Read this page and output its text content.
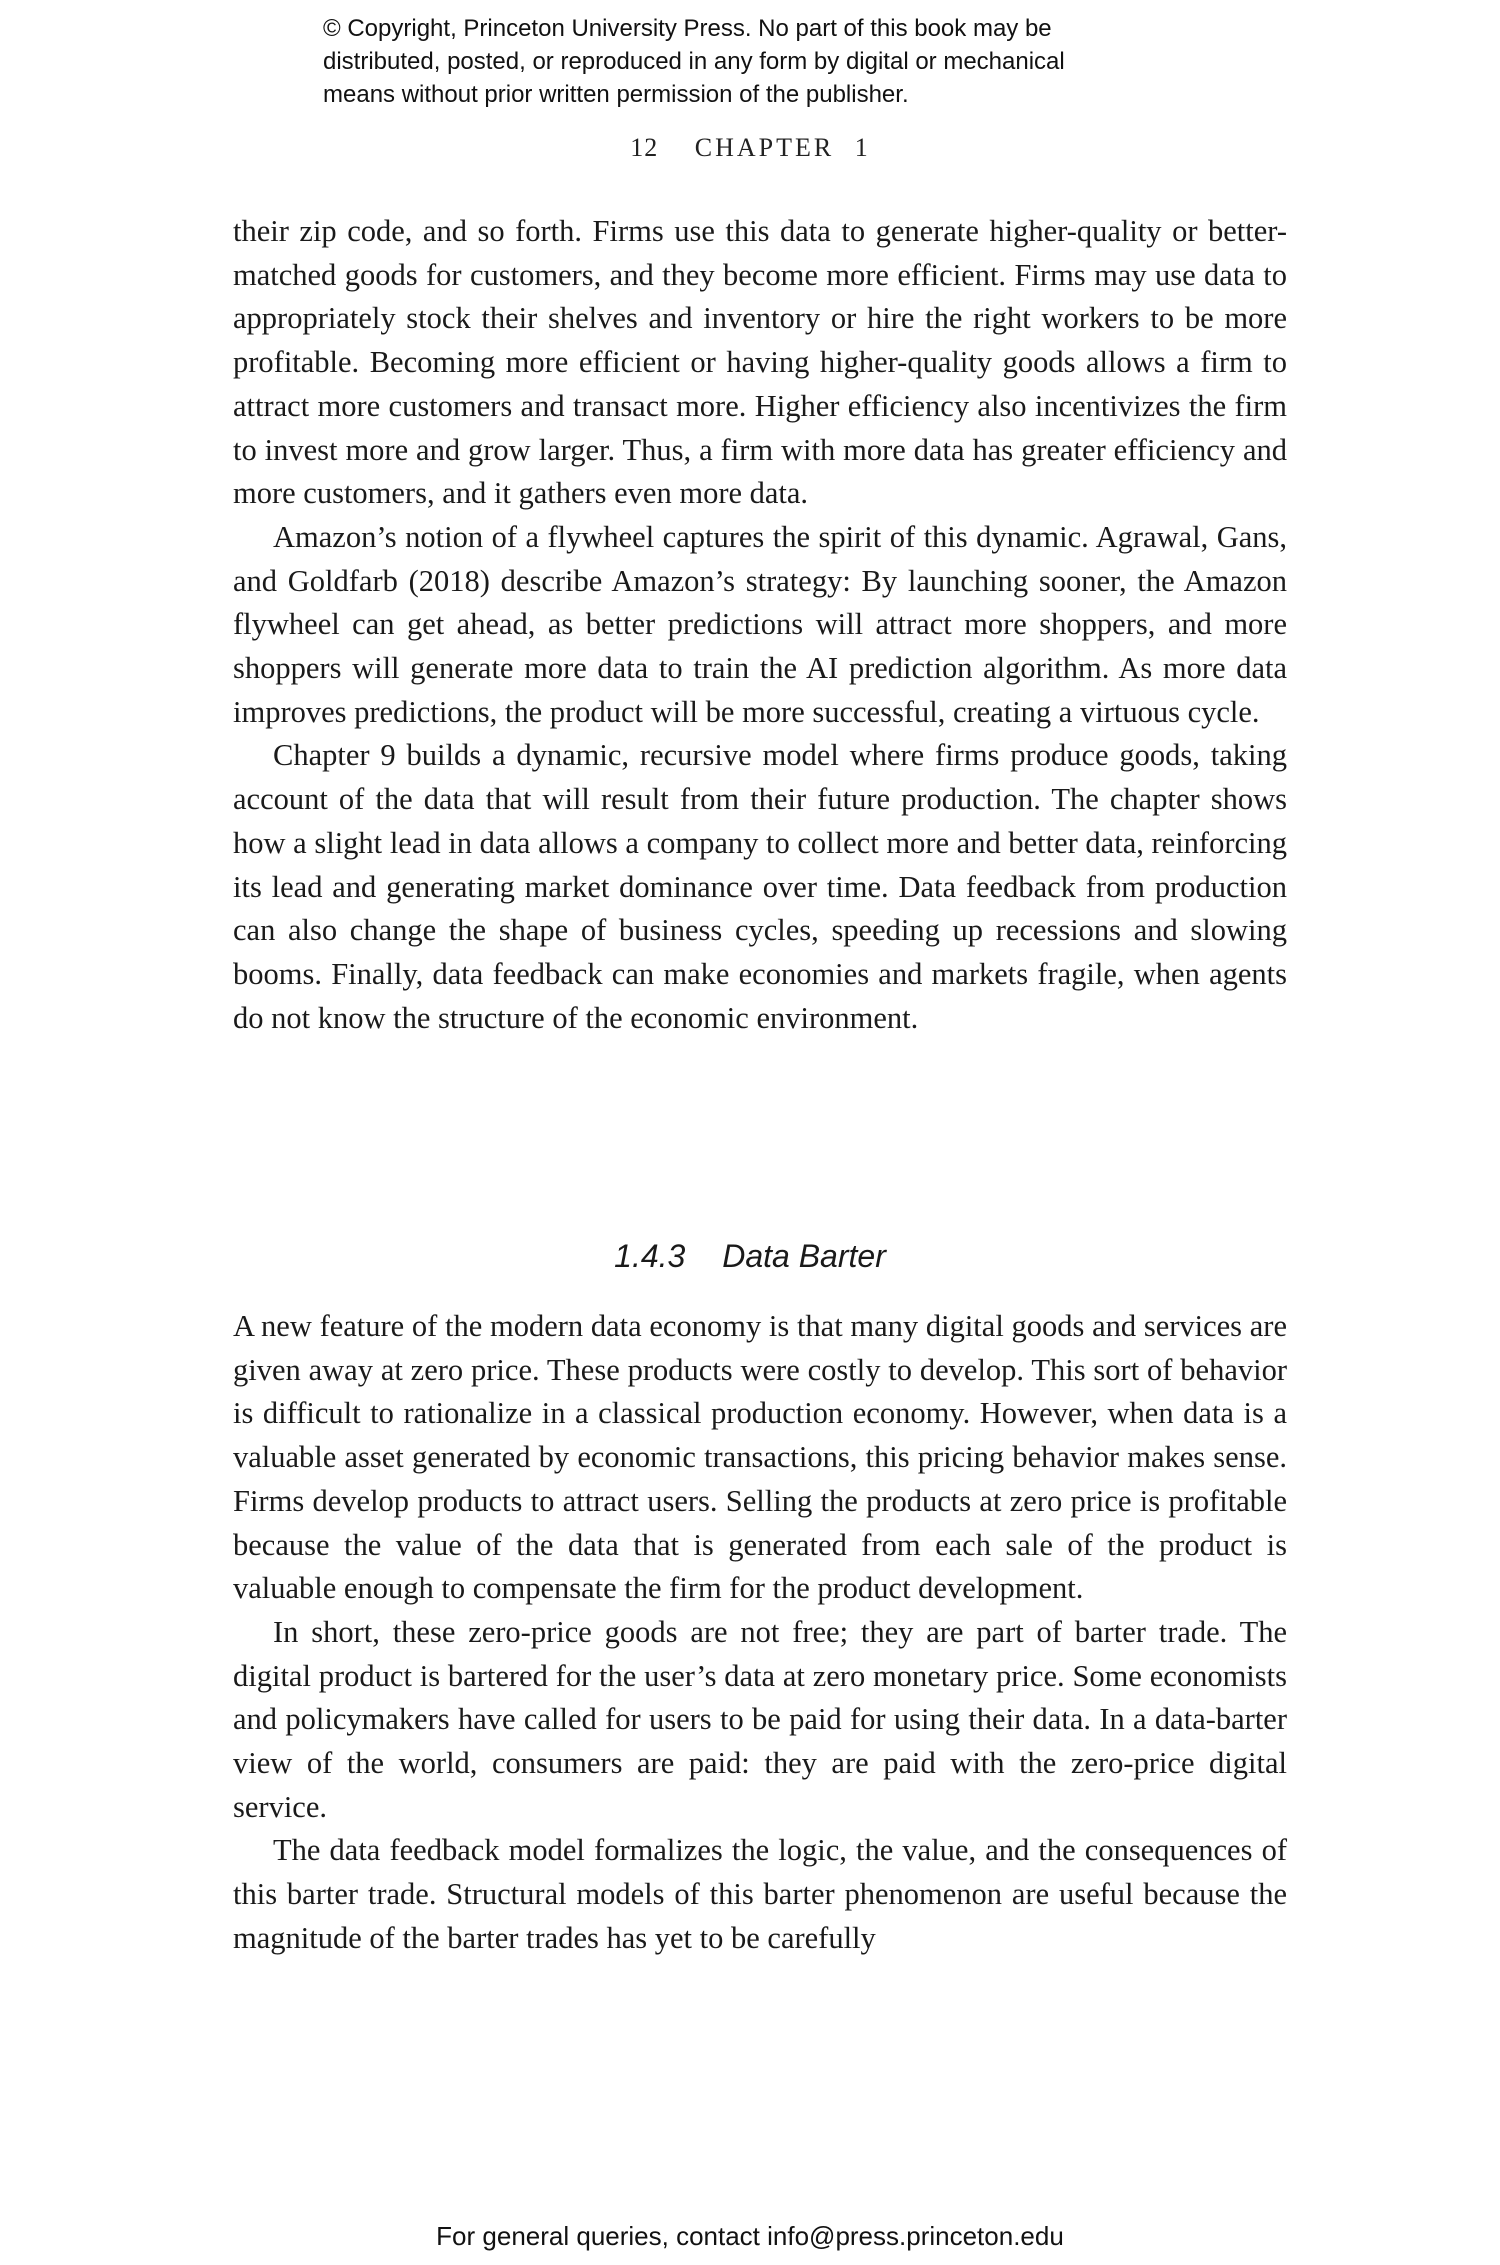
© Copyright, Princeton University Press. No part of this book may be
distributed, posted, or reproduced in any form by digital or mechanical
means without prior written permission of the publisher.
12 CHAPTER 1

their zip code, and so forth. Firms use this data to generate higher-quality or better-matched goods for customers, and they become more efficient. Firms may use data to appropriately stock their shelves and inventory or hire the right workers to be more profitable. Becoming more efficient or having higher-quality goods allows a firm to attract more customers and transact more. Higher efficiency also incentivizes the firm to invest more and grow larger. Thus, a firm with more data has greater efficiency and more customers, and it gathers even more data.

Amazon’s notion of a flywheel captures the spirit of this dynamic. Agrawal, Gans, and Goldfarb (2018) describe Amazon’s strategy: By launching sooner, the Amazon flywheel can get ahead, as better predictions will attract more shoppers, and more shoppers will generate more data to train the AI prediction algorithm. As more data improves predictions, the product will be more successful, creating a virtuous cycle.

Chapter 9 builds a dynamic, recursive model where firms produce goods, taking account of the data that will result from their future production. The chapter shows how a slight lead in data allows a company to collect more and better data, reinforcing its lead and generating market dominance over time. Data feedback from production can also change the shape of business cycles, speeding up recessions and slowing booms. Finally, data feedback can make economies and markets fragile, when agents do not know the structure of the economic environment.

1.4.3 Data Barter

A new feature of the modern data economy is that many digital goods and services are given away at zero price. These products were costly to develop. This sort of behavior is difficult to rationalize in a classical production economy. However, when data is a valuable asset generated by economic transactions, this pricing behavior makes sense. Firms develop products to attract users. Selling the products at zero price is profitable because the value of the data that is generated from each sale of the product is valuable enough to compensate the firm for the product development.

In short, these zero-price goods are not free; they are part of barter trade. The digital product is bartered for the user’s data at zero monetary price. Some economists and policymakers have called for users to be paid for using their data. In a data-barter view of the world, consumers are paid: they are paid with the zero-price digital service.

The data feedback model formalizes the logic, the value, and the consequences of this barter trade. Structural models of this barter phenomenon are useful because the magnitude of the barter trades has yet to be carefully

For general queries, contact info@press.princeton.edu
